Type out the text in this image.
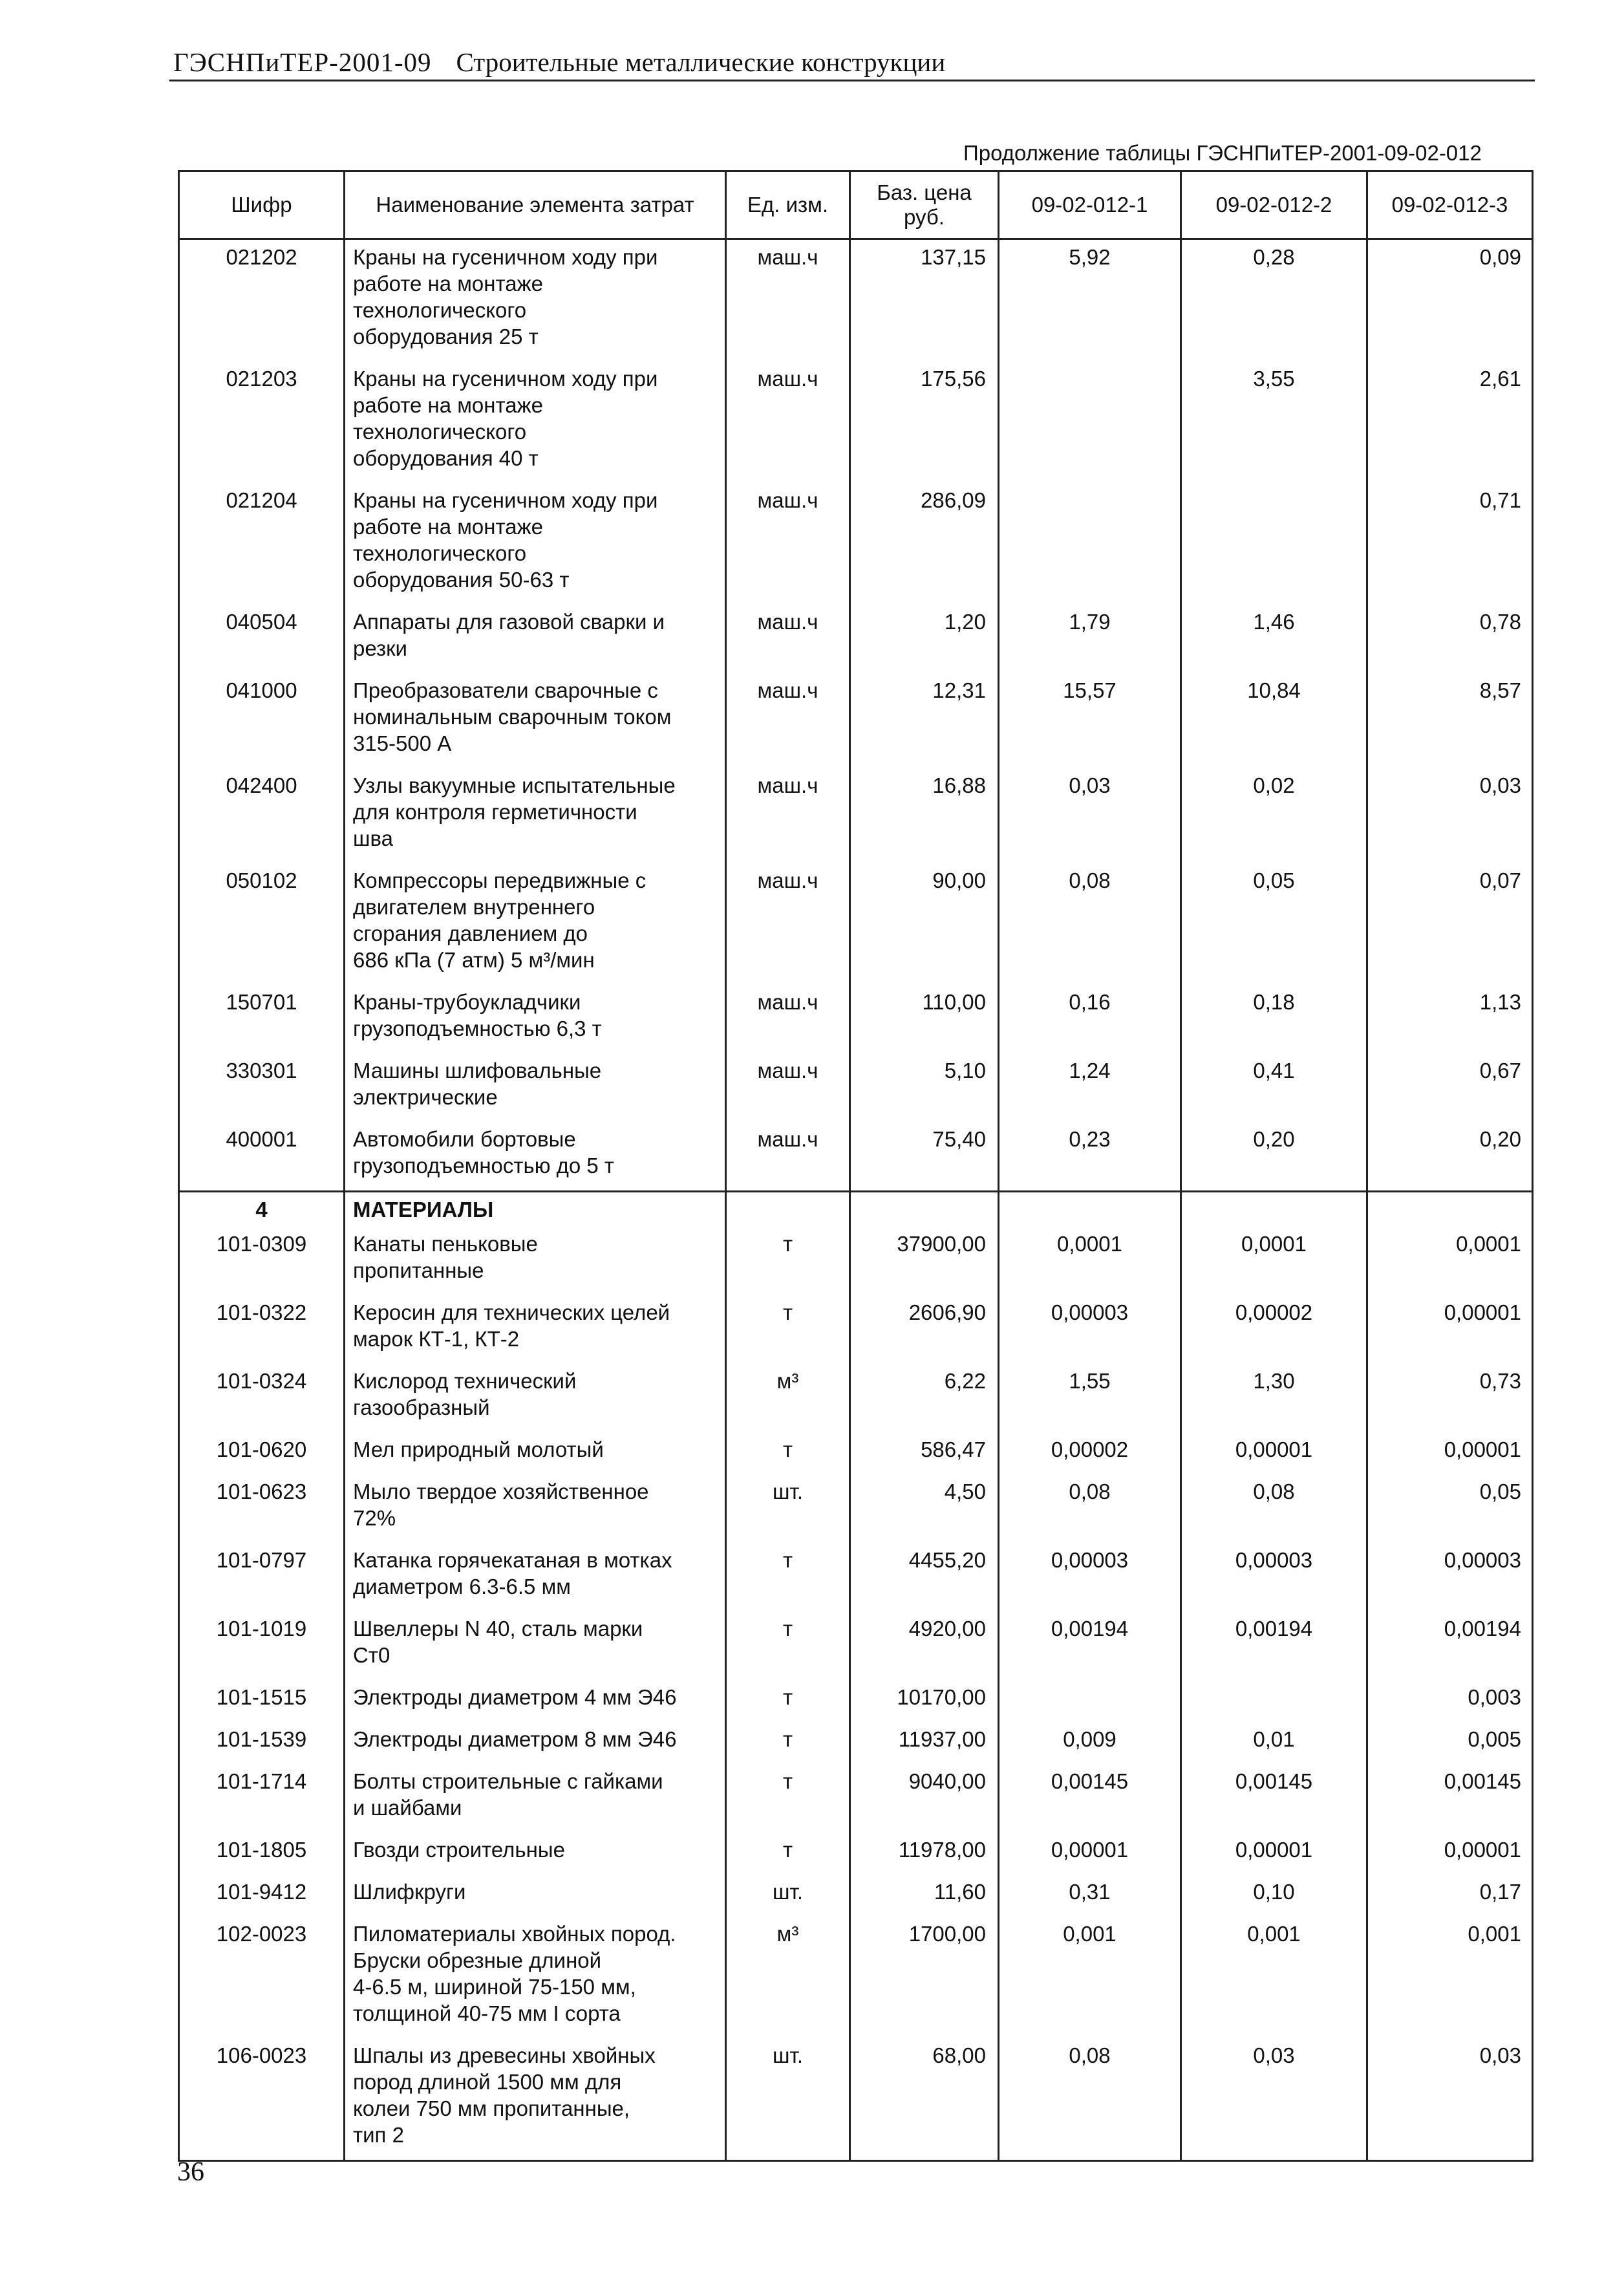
ГЭСНПиТЕР-2001-09 Строительные металлические конструкции
Продолжение таблицы ГЭСНПиТЕР-2001-09-02-012
Шифр	Наименование элемента затрат	Ед. изм.	Баз. цена руб.	09-02-012-1	09-02-012-2	09-02-012-3
021202	Краны на гусеничном ходу при
работе на монтаже
технологического
оборудования 25 т	маш.ч	137,15	5,92	0,28	0,09
021203	Краны на гусеничном ходу при
работе на монтаже
технологического
оборудования 40 т	маш.ч	175,56		3,55	2,61
021204	Краны на гусеничном ходу при
работе на монтаже
технологического
оборудования 50-63 т	маш.ч	286,09			0,71
040504	Аппараты для газовой сварки и
резки	маш.ч	1,20	1,79	1,46	0,78
041000	Преобразователи сварочные с
номинальным сварочным током
315-500 А	маш.ч	12,31	15,57	10,84	8,57
042400	Узлы вакуумные испытательные
для контроля герметичности
шва	маш.ч	16,88	0,03	0,02	0,03
050102	Компрессоры передвижные с
двигателем внутреннего
сгорания давлением до
686 кПа (7 атм) 5 м³/мин	маш.ч	90,00	0,08	0,05	0,07
150701	Краны-трубоукладчики
грузоподъемностью 6,3 т	маш.ч	110,00	0,16	0,18	1,13
330301	Машины шлифовальные
электрические	маш.ч	5,10	1,24	0,41	0,67
400001	Автомобили бортовые
грузоподъемностью до 5 т	маш.ч	75,40	0,23	0,20	0,20
4	МАТЕРИАЛЫ					
101-0309	Канаты пеньковые
пропитанные	т	37900,00	0,0001	0,0001	0,0001
101-0322	Керосин для технических целей
марок КТ-1, КТ-2	т	2606,90	0,00003	0,00002	0,00001
101-0324	Кислород технический
газообразный	м³	6,22	1,55	1,30	0,73
101-0620	Мел природный молотый	т	586,47	0,00002	0,00001	0,00001
101-0623	Мыло твердое хозяйственное
72%	шт.	4,50	0,08	0,08	0,05
101-0797	Катанка горячекатаная в мотках
диаметром 6.3-6.5 мм	т	4455,20	0,00003	0,00003	0,00003
101-1019	Швеллеры N 40, сталь марки
Ст0	т	4920,00	0,00194	0,00194	0,00194
101-1515	Электроды диаметром 4 мм Э46	т	10170,00			0,003
101-1539	Электроды диаметром 8 мм Э46	т	11937,00	0,009	0,01	0,005
101-1714	Болты строительные с гайками
и шайбами	т	9040,00	0,00145	0,00145	0,00145
101-1805	Гвозди строительные	т	11978,00	0,00001	0,00001	0,00001
101-9412	Шлифкруги	шт.	11,60	0,31	0,10	0,17
102-0023	Пиломатериалы хвойных пород.
Бруски обрезные длиной
4-6.5 м, шириной 75-150 мм,
толщиной 40-75 мм I сорта	м³	1700,00	0,001	0,001	0,001
106-0023	Шпалы из древесины хвойных
пород длиной 1500 мм для
колеи 750 мм пропитанные,
тип 2	шт.	68,00	0,08	0,03	0,03
36
